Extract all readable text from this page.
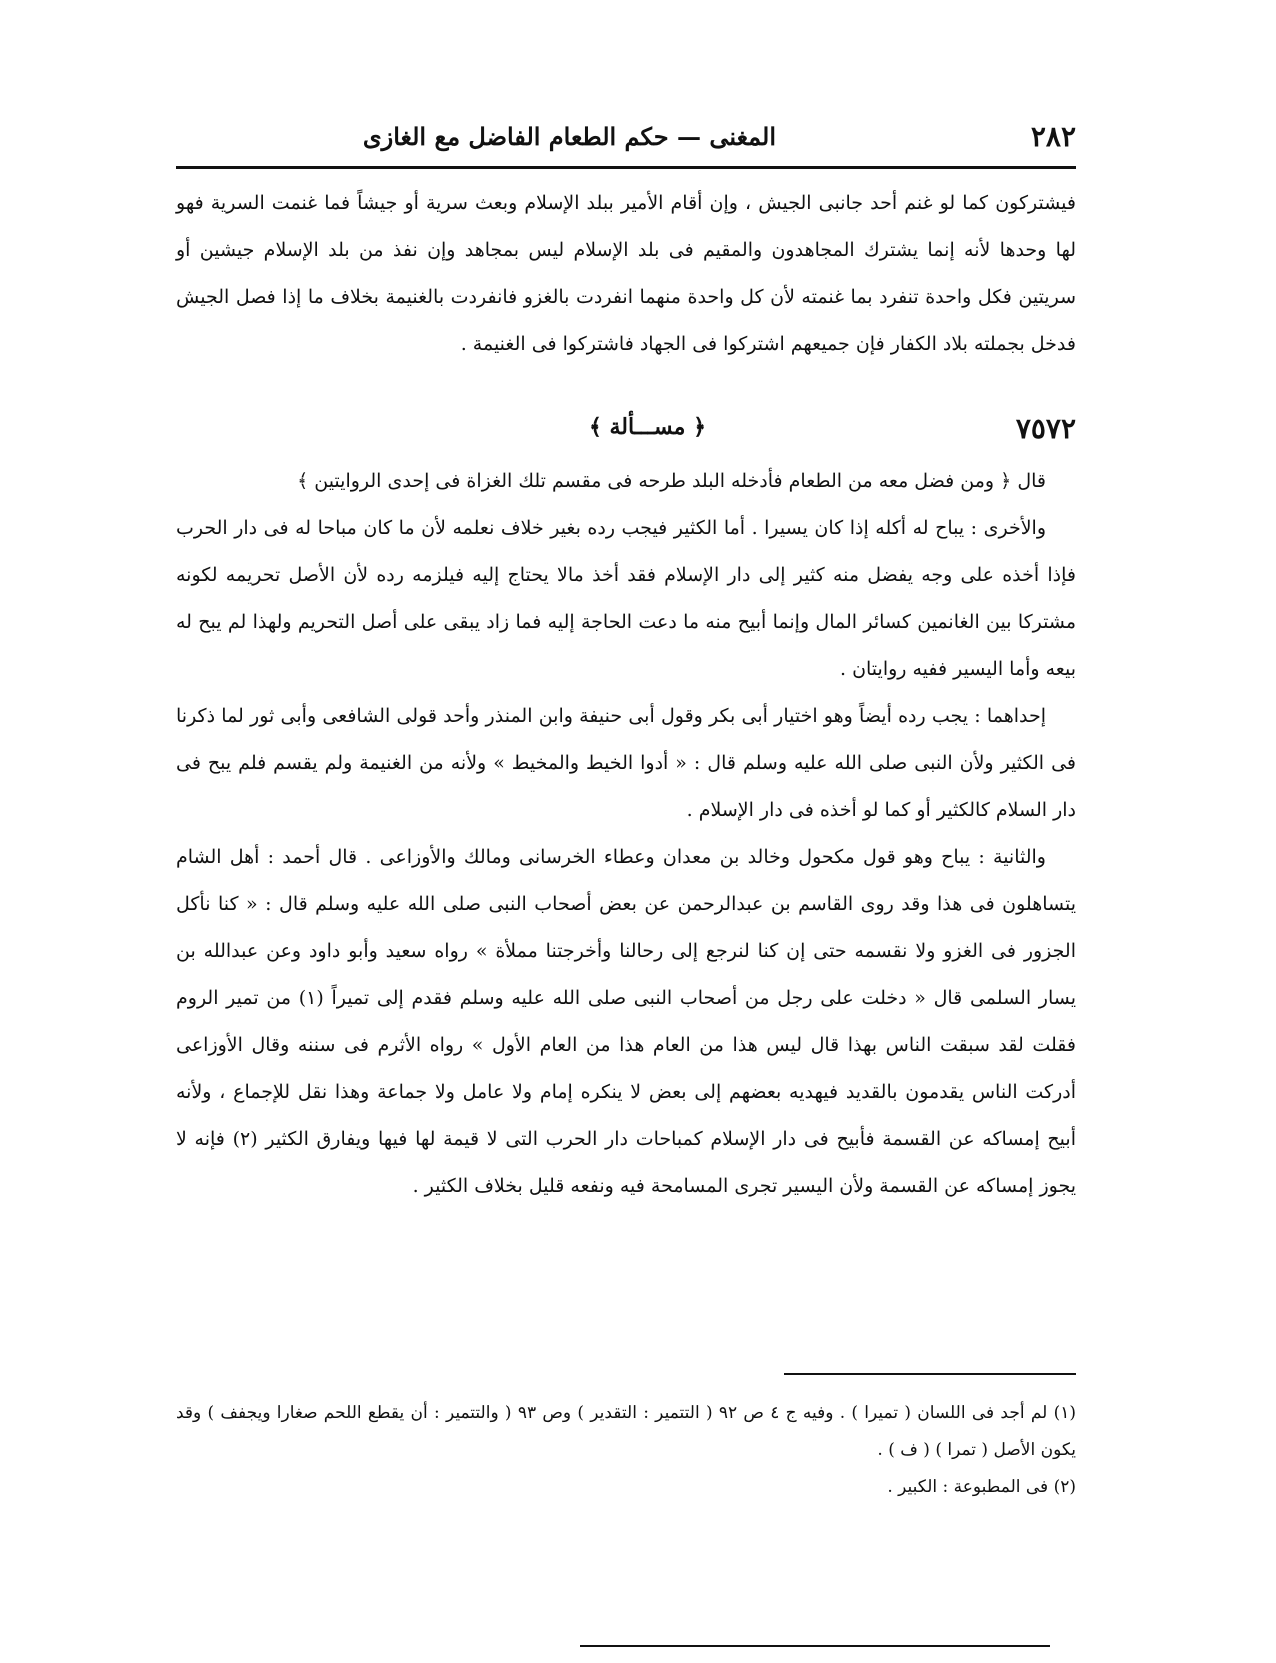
٢٨٢
المغنى — حكم الطعام الفاضل مع الغازى

فيشتركون كما لو غنم أحد جانبى الجيش ، وإن أقام الأمير ببلد الإسلام وبعث سرية أو جيشاً فما غنمت السرية فهو لها وحدها لأنه إنما يشترك المجاهدون والمقيم فى بلد الإسلام ليس بمجاهد وإن نفذ من بلد الإسلام جيشين أو سريتين فكل واحدة تنفرد بما غنمته لأن كل واحدة منهما انفردت بالغزو فانفردت بالغنيمة بخلاف ما إذا فصل الجيش فدخل بجملته بلاد الكفار فإن جميعهم اشتركوا فى الجهاد فاشتركوا فى الغنيمة .

٧٥٧٢
﴿ مســـألة ﴾

قال ﴿ ومن فضل معه من الطعام فأدخله البلد طرحه فى مقسم تلك الغزاة فى إحدى الروايتين ﴾

والأخرى : يباح له أكله إذا كان يسيرا . أما الكثير فيجب رده بغير خلاف نعلمه لأن ما كان مباحا له فى دار الحرب فإذا أخذه على وجه يفضل منه كثير إلى دار الإسلام فقد أخذ مالا يحتاج إليه فيلزمه رده لأن الأصل تحريمه لكونه مشتركا بين الغانمين كسائر المال وإنما أبيح منه ما دعت الحاجة إليه فما زاد يبقى على أصل التحريم ولهذا لم يبح له بيعه وأما اليسير ففيه روايتان .

إحداهما : يجب رده أيضاً وهو اختيار أبى بكر وقول أبى حنيفة وابن المنذر وأحد قولى الشافعى وأبى ثور لما ذكرنا فى الكثير ولأن النبى صلى الله عليه وسلم قال : « أدوا الخيط والمخيط » ولأنه من الغنيمة ولم يقسم فلم يبح فى دار السلام كالكثير أو كما لو أخذه فى دار الإسلام .

والثانية : يباح وهو قول مكحول وخالد بن معدان وعطاء الخرسانى ومالك والأوزاعى . قال أحمد : أهل الشام يتساهلون فى هذا وقد روى القاسم بن عبدالرحمن عن بعض أصحاب النبى صلى الله عليه وسلم قال : « كنا نأكل الجزور فى الغزو ولا نقسمه حتى إن كنا لنرجع إلى رحالنا وأخرجتنا مملأة » رواه سعيد وأبو داود وعن عبدالله بن يسار السلمى قال « دخلت على رجل من أصحاب النبى صلى الله عليه وسلم فقدم إلى تميراً (١) من تمير الروم فقلت لقد سبقت الناس بهذا قال ليس هذا من العام هذا من العام الأول » رواه الأثرم فى سننه وقال الأوزاعى أدركت الناس يقدمون بالقديد فيهديه بعضهم إلى بعض لا ينكره إمام ولا عامل ولا جماعة وهذا نقل للإجماع ، ولأنه أبيح إمساكه عن القسمة فأبيح فى دار الإسلام كمباحات دار الحرب التى لا قيمة لها فيها ويفارق الكثير (٢) فإنه لا يجوز إمساكه عن القسمة ولأن اليسير تجرى المسامحة فيه ونفعه قليل بخلاف الكثير .

(١) لم أجد فى اللسان ( تميرا ) . وفيه ج ٤ ص ٩٢ ( التتمير : التقدير ) وص ٩٣ ( والتتمير : أن يقطع اللحم صغارا ويجفف ) وقد يكون الأصل ( تمرا ) ( ف ) .

(٢) فى المطبوعة : الكبير .
